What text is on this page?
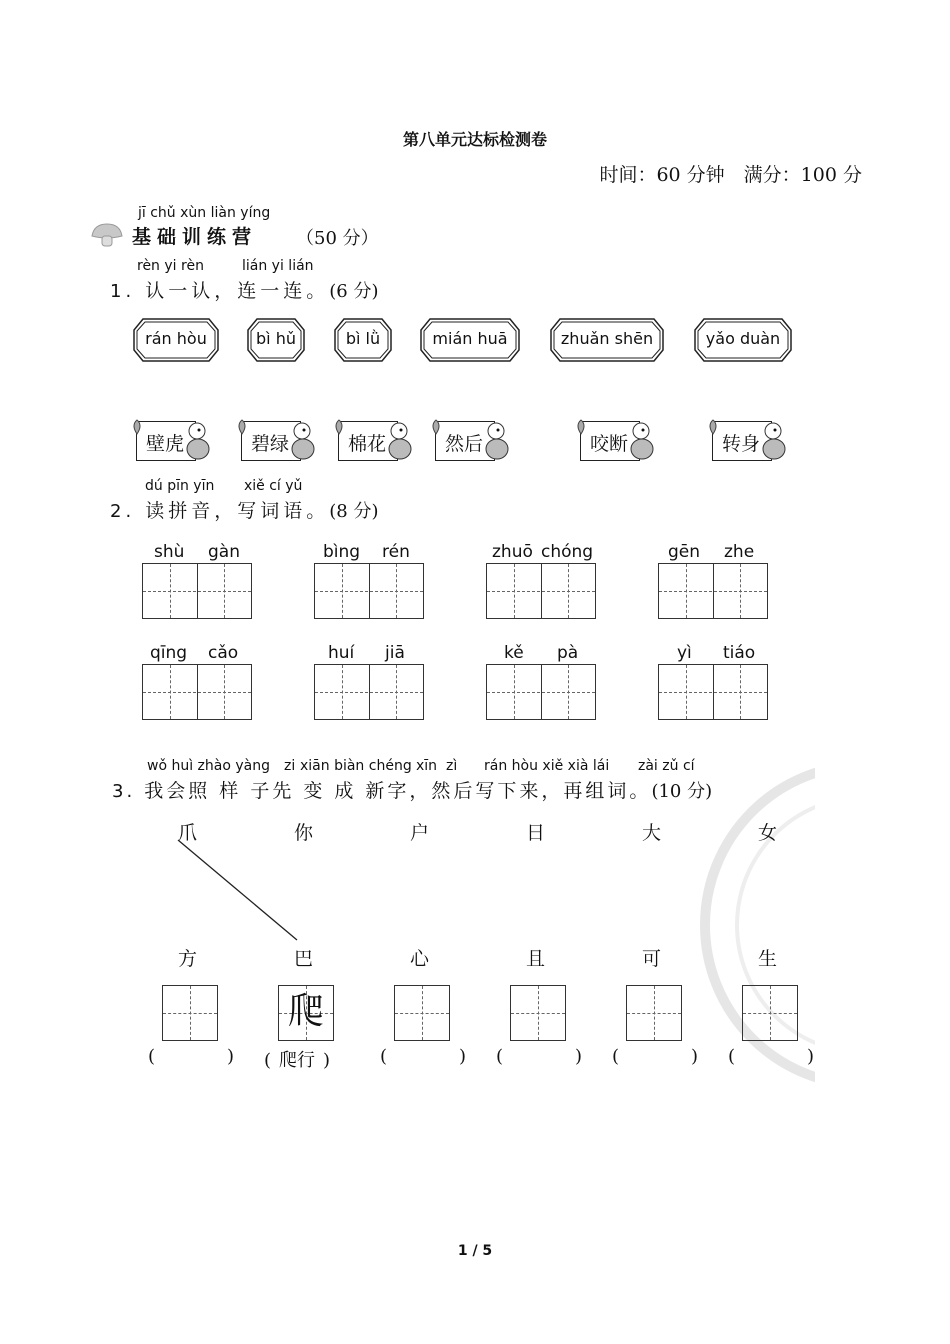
第八单元达标检测卷
时间：60 分钟　满分：100 分
jī chǔ xùn liàn yíng
基础训练营 （50 分）
rèn yi rèn	lián yi lián
1. 认一认，连一连。(6 分)
rán hòu	bì hǔ	bì lǜ	mián huā	zhuǎn shēn	yǎo duàn
壁虎	碧绿	棉花	然后	咬断	转身
dú pīn yīn xiě cí yǔ
2. 读拼音，写词语。(8 分)
shù gàn	bìng rén	zhuō chóng	gēn zhe
qīng cǎo	huí jiā	kě pà	yì tiáo
wǒ huì zhào yàng zi xiān biàn chéng xīn zì rán hòu xiě xià lái zài zǔ cí
3. 我会照 样 子先 变 成 新字，然后写下来，再组词。(10 分)
爪	你	户	日	大	女
方	巴	心	且	可	生
爬
(	) ( 爬行 )	(	) (	) (	) (	)
1 / 5
